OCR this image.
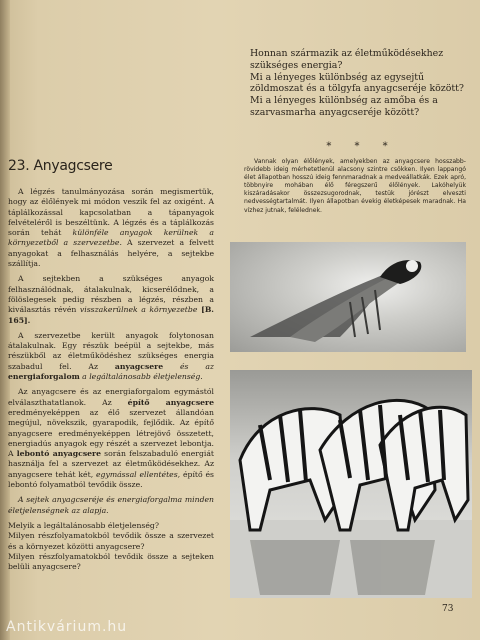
23. Anyagcsere

A légzés tanulmányozása során megismertük, hogy az élőlények mi módon veszik fel az oxigént. A táplálkozással kapcsolatban a tápanyagok felvételéről is beszéltünk. A légzés és a táplálkozás során tehát különféle anyagok kerülnek a környezetből a szervezetbe. A szervezet a felvett anyagokat a felhasználás helyére, a sejtekbe szállítja.

A sejtekben a szükséges anyagok felhasználódnak, átalakulnak, kicserélődnek, a fölöslegesek pedig részben a légzés, részben a kiválasztás révén visszakerülnek a környezetbe [B. 165].

A szervezetbe került anyagok folytonosan átalakulnak. Egy részük beépül a sejtekbe, más részükből az életműködéshez szükséges energia szabadul fel. Az anyagcsere és az energiaforgalom a legáltalánosabb életjelenség.

Az anyagcsere és az energiaforgalom egymástól elválaszthatatlanok. Az építő anyagcsere eredményeképpen az élő szervezet állandóan megújul, növekszik, gyarapodik, fejlődik. Az építő anyagcsere eredményeképpen létrejövő összetett, energiadús anyagok egy részét a szervezet lebontja. A lebontó anyagcsere során felszabaduló energiát használja fel a szervezet az életműködésekhez. Az anyagcsere tehát két, egymással ellentétes, építő és lebontó folyamatból tevődik össze.

A sejtek anyagcseréje és energiaforgalma minden életjelenségnek az alapja.

Melyik a legáltalánosabb életjelenség?

Milyen részfolyamatokból tevődik össze a szervezet és a környezet közötti anyagcsere?

Milyen részfolyamatokból tevődik össze a sejteken belüli anyagcsere?

Honnan származik az életműködésekhez szükséges energia?

Mi a lényeges különbség az egysejtű zöldmoszat és a tölgyfa anyagcseréje között?

Mi a lényeges különbség az amőba és a szarvasmarha anyagcseréje között?

* * *
Vannak olyan élőlények, amelyekben az anyagcsere hosszabb-rövidebb ideig mérhetetlenül alacsony szintre csökken. Ilyen lappangó élet állapotban hosszú ideig fennmaradnak a medveállatkák. Ezek apró, többnyire mohában élő féregszerű élőlények. Lakóhelyük kiszáradásakor összezsugorodnak, testük jórészt elveszti nedvességtartalmát. Ilyen állapotban évekig életképesek maradnak. Ha vízhez jutnak, felélednek.
73
Antikvárium.hu
